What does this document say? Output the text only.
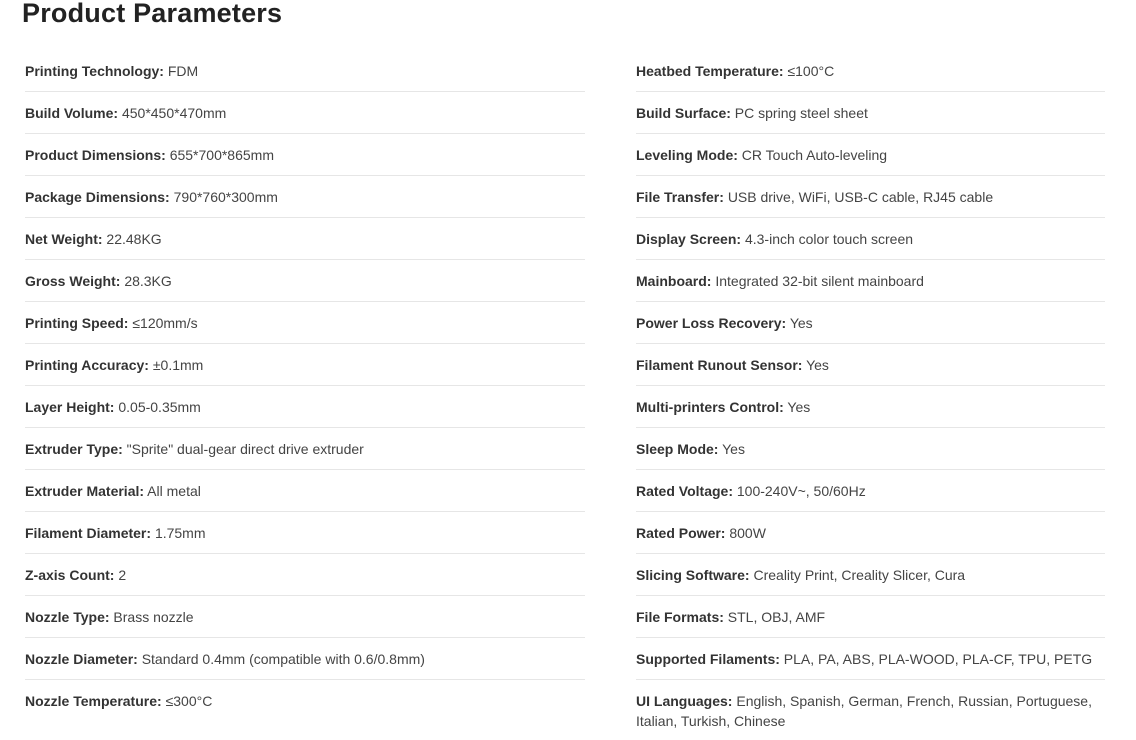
Product Parameters
Printing Technology: FDM
Build Volume: 450*450*470mm
Product Dimensions: 655*700*865mm
Package Dimensions: 790*760*300mm
Net Weight: 22.48KG
Gross Weight: 28.3KG
Printing Speed: ≤120mm/s
Printing Accuracy: ±0.1mm
Layer Height: 0.05-0.35mm
Extruder Type: "Sprite" dual-gear direct drive extruder
Extruder Material: All metal
Filament Diameter: 1.75mm
Z-axis Count: 2
Nozzle Type: Brass nozzle
Nozzle Diameter: Standard 0.4mm (compatible with 0.6/0.8mm)
Nozzle Temperature: ≤300°C
Heatbed Temperature: ≤100°C
Build Surface: PC spring steel sheet
Leveling Mode: CR Touch Auto-leveling
File Transfer: USB drive, WiFi, USB-C cable, RJ45 cable
Display Screen: 4.3-inch color touch screen
Mainboard: Integrated 32-bit silent mainboard
Power Loss Recovery: Yes
Filament Runout Sensor: Yes
Multi-printers Control: Yes
Sleep Mode: Yes
Rated Voltage: 100-240V~, 50/60Hz
Rated Power: 800W
Slicing Software: Creality Print, Creality Slicer, Cura
File Formats: STL, OBJ, AMF
Supported Filaments: PLA, PA, ABS, PLA-WOOD, PLA-CF, TPU, PETG
UI Languages: English, Spanish, German, French, Russian, Portuguese, Italian, Turkish, Chinese
